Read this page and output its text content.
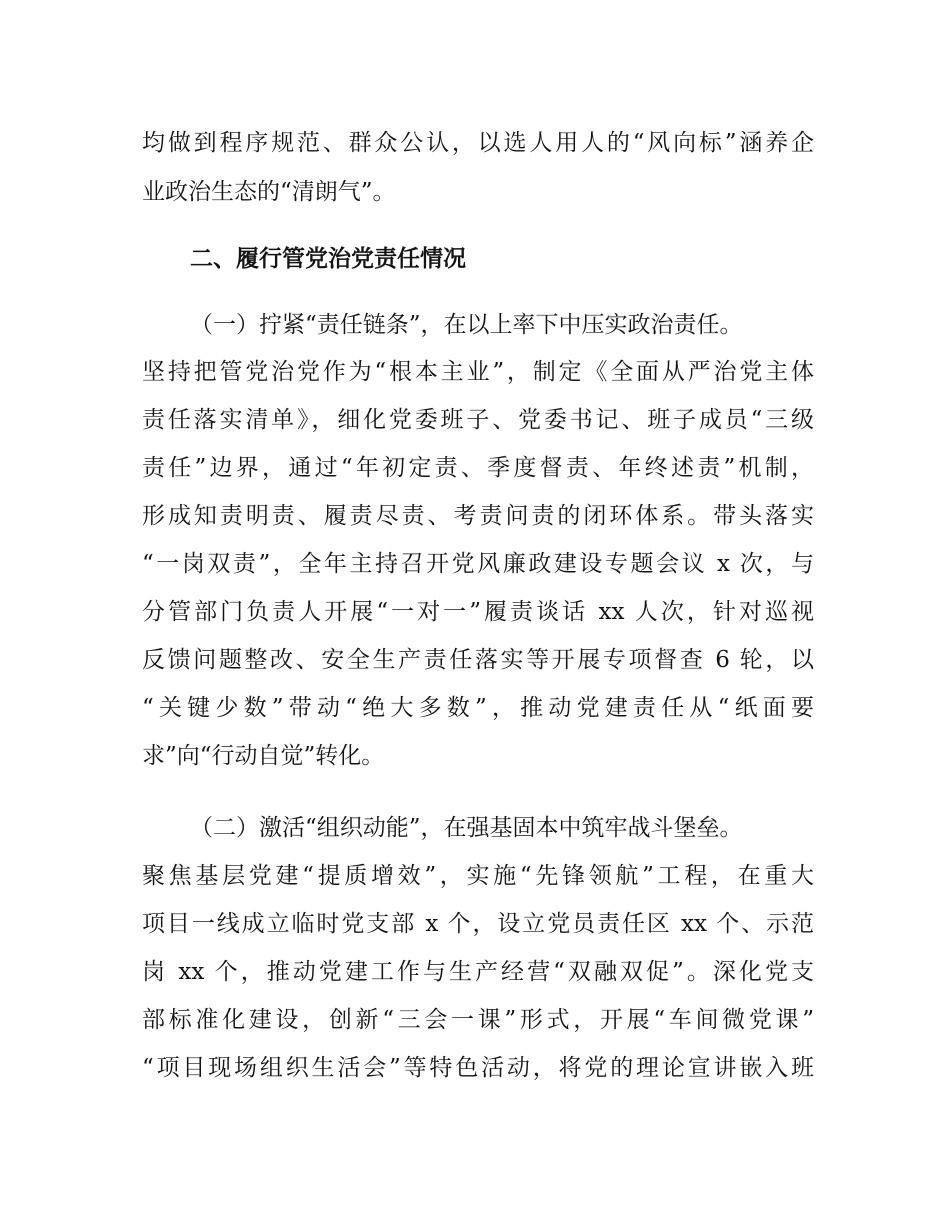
均做到程序规范、群众公认，以选人用人的“风向标”涵养企

业政治生态的“清朗气”。

二、履行管党治党责任情况

（一）拧紧“责任链条”，在以上率下中压实政治责任。

坚持把管党治党作为“根本主业”，制定《全面从严治党主体

责任落实清单》，细化党委班子、党委书记、班子成员“三级

责任”边界，通过“年初定责、季度督责、年终述责”机制，

形成知责明责、履责尽责、考责问责的闭环体系。带头落实

“一岗双责”，全年主持召开党风廉政建设专题会议 x 次，与

分管部门负责人开展“一对一”履责谈话 xx 人次，针对巡视

反馈问题整改、安全生产责任落实等开展专项督查 6 轮，以

“关键少数”带动“绝大多数”，推动党建责任从“纸面要

求”向“行动自觉”转化。

（二）激活“组织动能”，在强基固本中筑牢战斗堡垒。

聚焦基层党建“提质增效”，实施“先锋领航”工程，在重大

项目一线成立临时党支部 x 个，设立党员责任区 xx 个、示范

岗 xx 个，推动党建工作与生产经营“双融双促”。深化党支

部标准化建设，创新“三会一课”形式，开展“车间微党课”

“项目现场组织生活会”等特色活动，将党的理论宣讲嵌入班
